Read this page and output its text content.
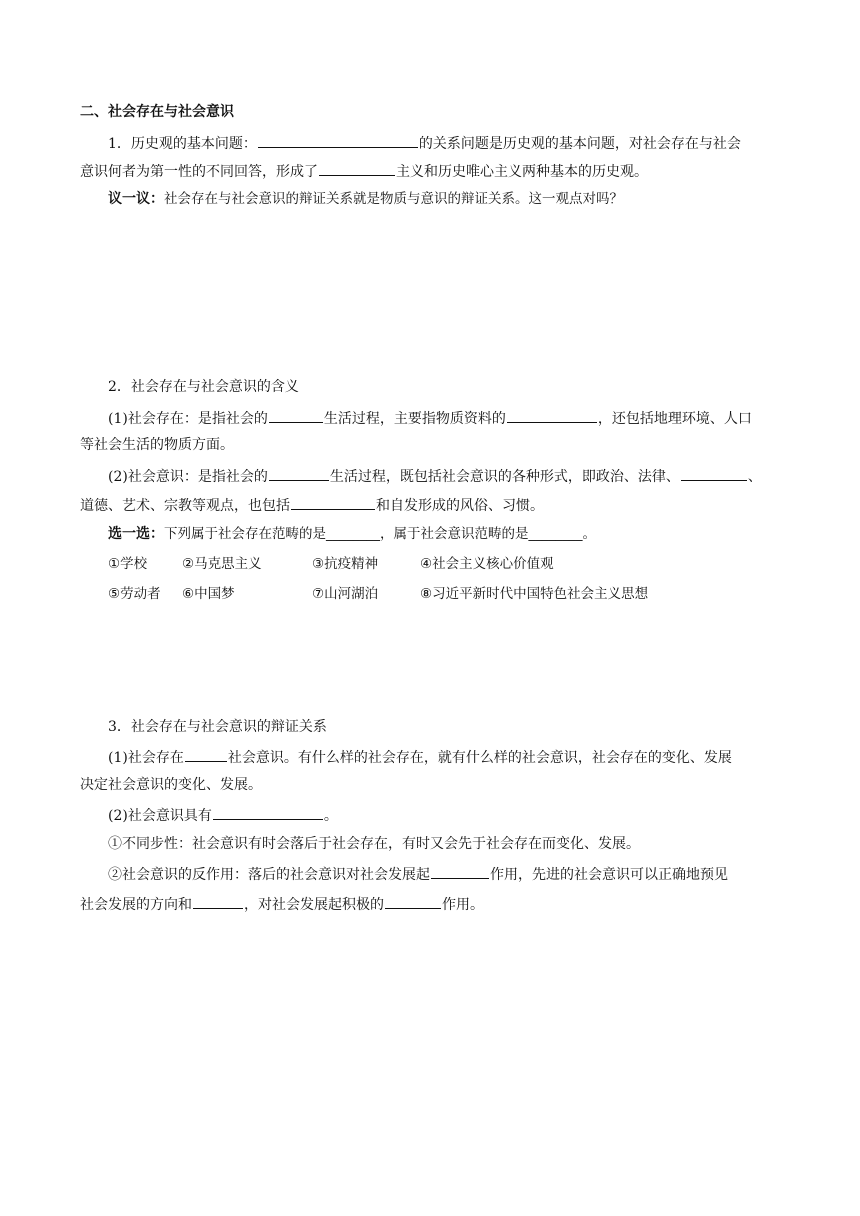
二、社会存在与社会意识
1．历史观的基本问题：	的关系问题是历史观的基本问题，对社会存在与社会
意识何者为第一性的不同回答，形成了	主义和历史唯心主义两种基本的历史观。
议一议：社会存在与社会意识的辩证关系就是物质与意识的辩证关系。这一观点对吗？
2．社会存在与社会意识的含义
(1)社会存在：是指社会的	生活过程，主要指物质资料的	，还包括地理环境、人口
等社会生活的物质方面。
(2)社会意识：是指社会的	生活过程，既包括社会意识的各种形式，即政治、法律、	、
道德、艺术、宗教等观点，也包括	和自发形成的风俗、习惯。
选一选：下列属于社会存在范畴的是________，属于社会意识范畴的是________。
①学校	②马克思主义	③抗疫精神	④社会主义核心价值观
⑤劳动者 ⑥中国梦	⑦山河湖泊	⑧习近平新时代中国特色社会主义思想
3．社会存在与社会意识的辩证关系
(1)社会存在	社会意识。有什么样的社会存在，就有什么样的社会意识，社会存在的变化、发展
决定社会意识的变化、发展。
(2)社会意识具有	。
①不同步性：社会意识有时会落后于社会存在，有时又会先于社会存在而变化、发展。
②社会意识的反作用：落后的社会意识对社会发展起	作用，先进的社会意识可以正确地预见
社会发展的方向和	，对社会发展起积极的	作用。
